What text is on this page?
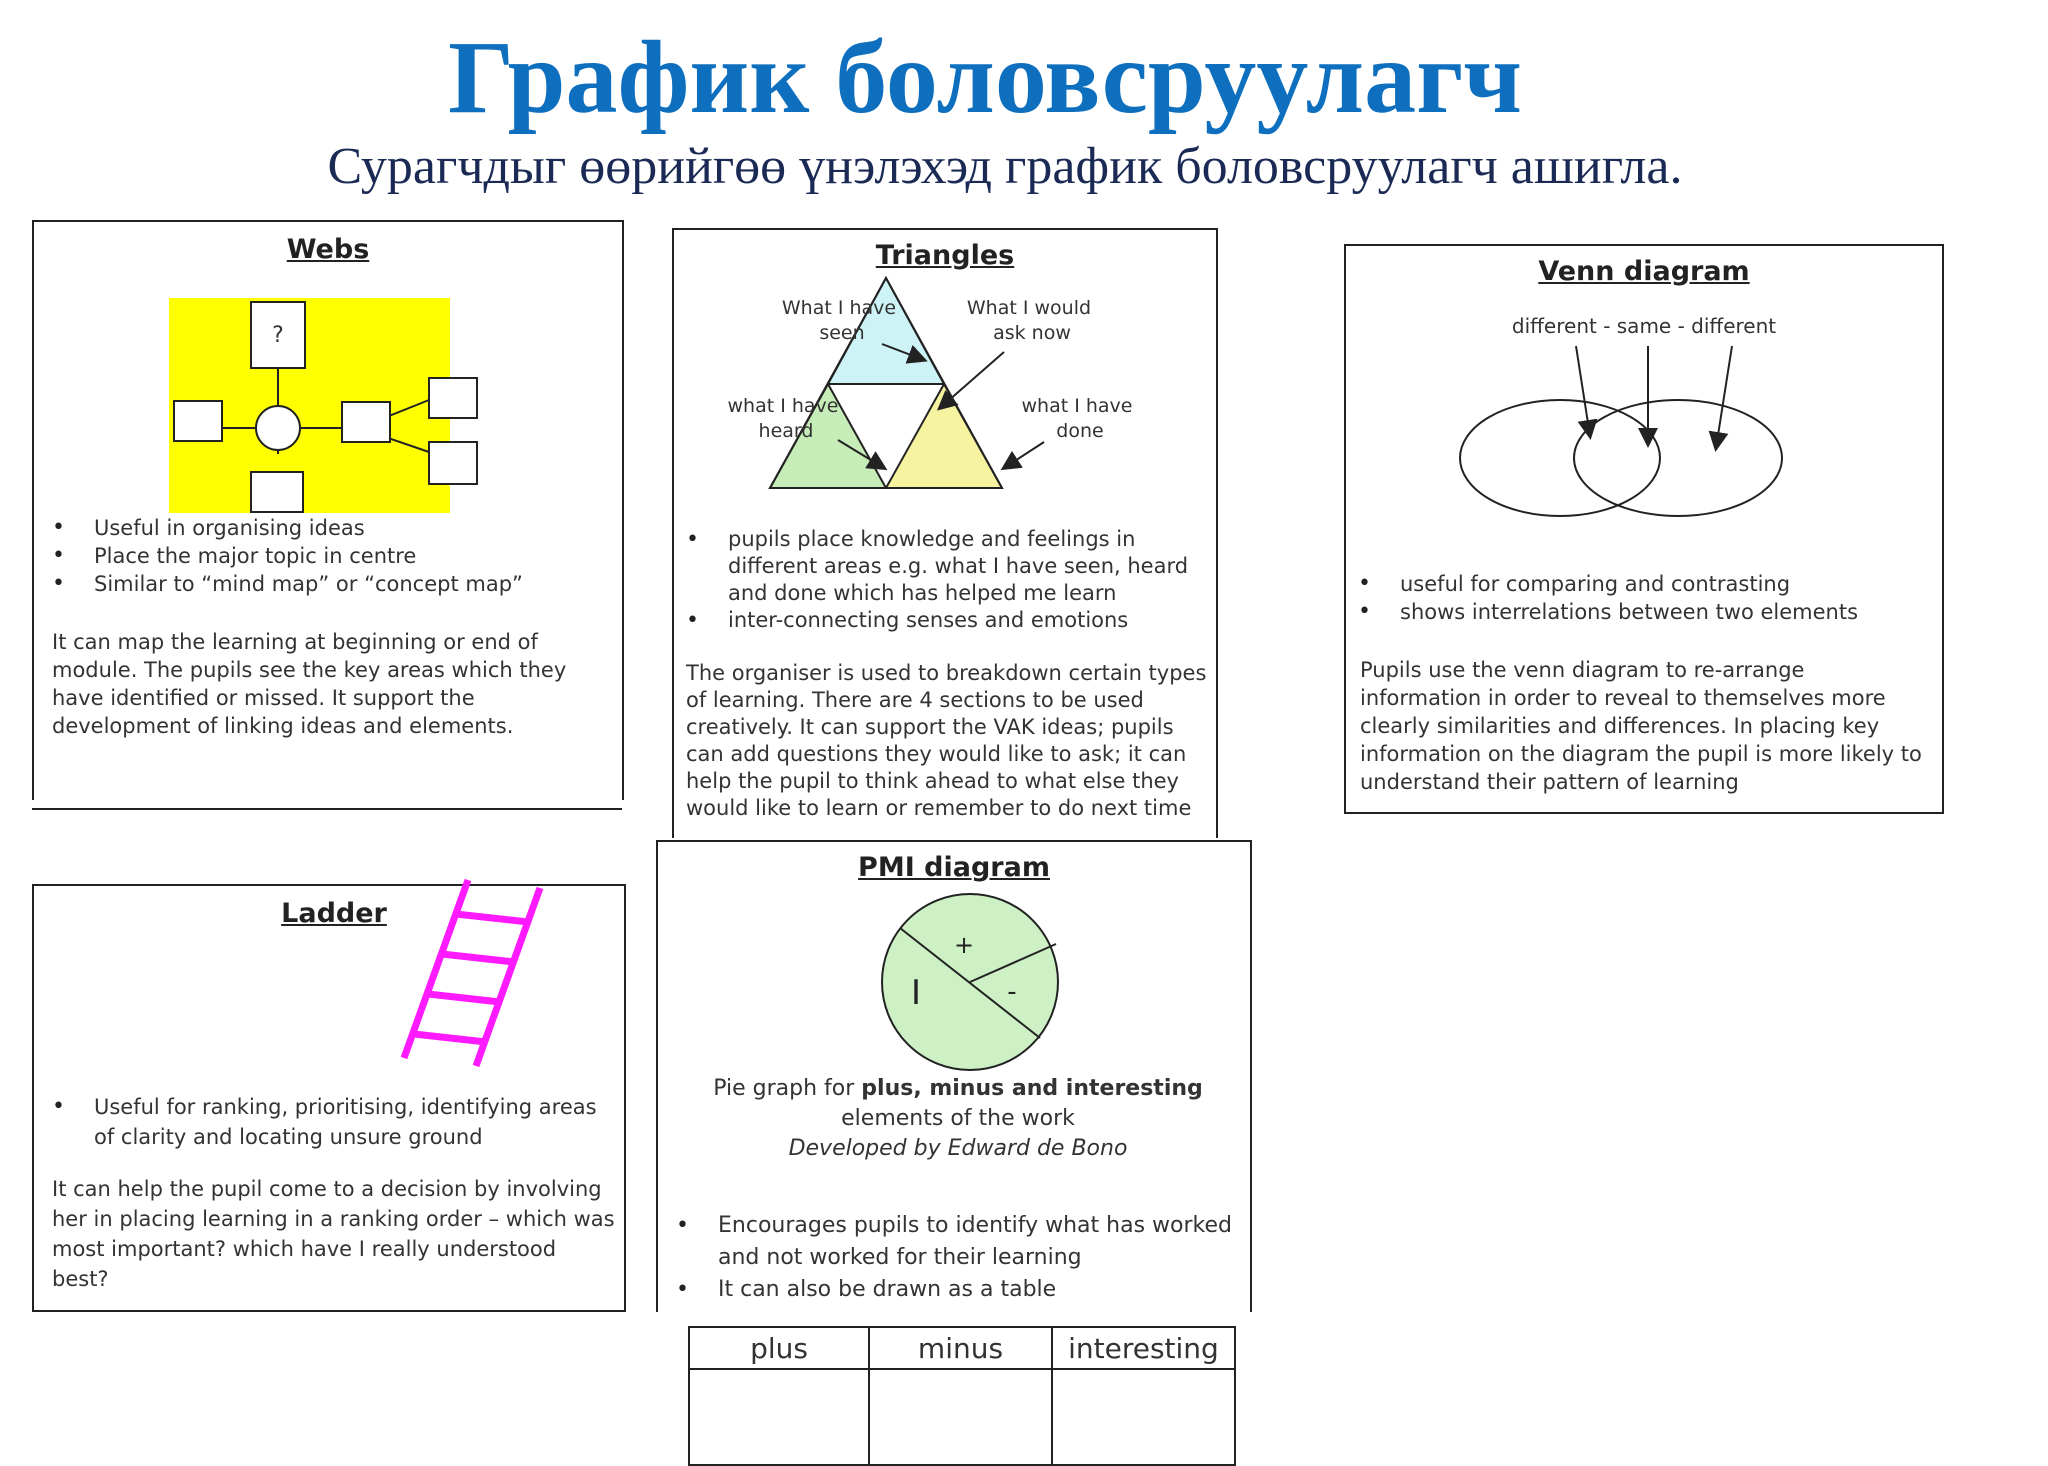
График боловсруулагч
Сурагчдыг өөрийгөө үнэлэхэд график боловсруулагч ашигла.
Webs
?
• Useful in organising ideas
• Place the major topic in centre
• Similar to “mind map” or “concept map”
It can map the learning at beginning or end of module. The pupils see the key areas which they have identified or missed. It support the development of linking ideas and elements.
Triangles
What I have seen
What I would ask now
what I have heard
what I have done
• pupils place knowledge and feelings in different areas e.g. what I have seen, heard and done which has helped me learn
• inter-connecting senses and emotions
The organiser is used to breakdown certain types of learning. There are 4 sections to be used creatively. It can support the VAK ideas; pupils can add questions they would like to ask; it can help the pupil to think ahead to what else they would like to learn or remember to do next time
Venn diagram
different - same - different
• useful for comparing and contrasting
• shows interrelations between two elements
Pupils use the venn diagram to re-arrange information in order to reveal to themselves more clearly similarities and differences. In placing key information on the diagram the pupil is more likely to understand their pattern of learning
Ladder
• Useful for ranking, prioritising, identifying areas of clarity and locating unsure ground
It can help the pupil come to a decision by involving her in placing learning in a ranking order – which was most important? which have I really understood best?
PMI diagram
+
-
I
Pie graph for plus, minus and interesting
elements of the work
Developed by Edward de Bono
• Encourages pupils to identify what has worked and not worked for their learning
• It can also be drawn as a table
plus	minus	interesting
